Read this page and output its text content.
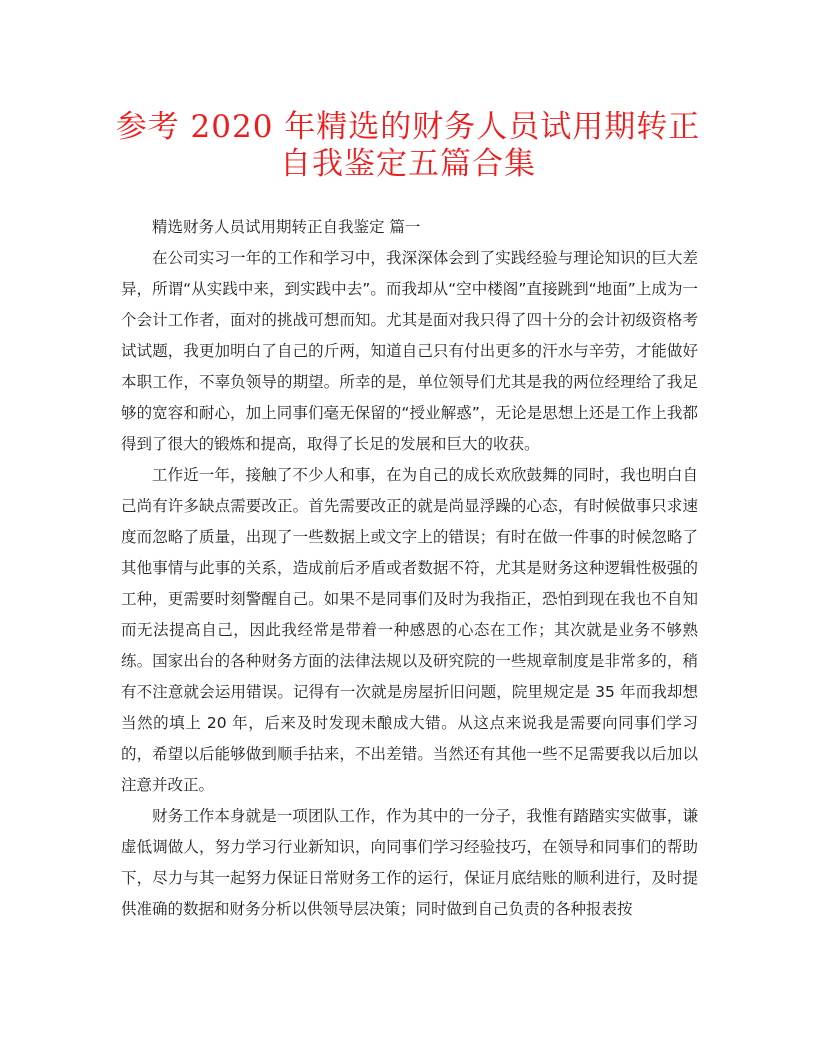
参考 2020 年精选的财务人员试用期转正
自我鉴定五篇合集

精选财务人员试用期转正自我鉴定 篇一

在公司实习一年的工作和学习中，我深深体会到了实践经验与理论知识的巨大差异，所谓“从实践中来，到实践中去”。而我却从“空中楼阁”直接跳到“地面”上成为一个会计工作者，面对的挑战可想而知。尤其是面对我只得了四十分的会计初级资格考试试题，我更加明白了自己的斤两，知道自己只有付出更多的汗水与辛劳，才能做好本职工作，不辜负领导的期望。所幸的是，单位领导们尤其是我的两位经理给了我足够的宽容和耐心，加上同事们毫无保留的“授业解惑”，无论是思想上还是工作上我都得到了很大的锻炼和提高，取得了长足的发展和巨大的收获。

工作近一年，接触了不少人和事，在为自己的成长欢欣鼓舞的同时，我也明白自己尚有许多缺点需要改正。首先需要改正的就是尚显浮躁的心态，有时候做事只求速度而忽略了质量，出现了一些数据上或文字上的错误；有时在做一件事的时候忽略了其他事情与此事的关系，造成前后矛盾或者数据不符，尤其是财务这种逻辑性极强的工种，更需要时刻警醒自己。如果不是同事们及时为我指正，恐怕到现在我也不自知而无法提高自己，因此我经常是带着一种感恩的心态在工作；其次就是业务不够熟练。国家出台的各种财务方面的法律法规以及研究院的一些规章制度是非常多的，稍有不注意就会运用错误。记得有一次就是房屋折旧问题，院里规定是 35 年而我却想当然的填上 20 年，后来及时发现未酿成大错。从这点来说我是需要向同事们学习的，希望以后能够做到顺手拈来，不出差错。当然还有其他一些不足需要我以后加以注意并改正。

财务工作本身就是一项团队工作，作为其中的一分子，我惟有踏踏实实做事，谦虚低调做人，努力学习行业新知识，向同事们学习经验技巧，在领导和同事们的帮助下，尽力与其一起努力保证日常财务工作的运行，保证月底结账的顺利进行，及时提供准确的数据和财务分析以供领导层决策；同时做到自己负责的各种报表按
